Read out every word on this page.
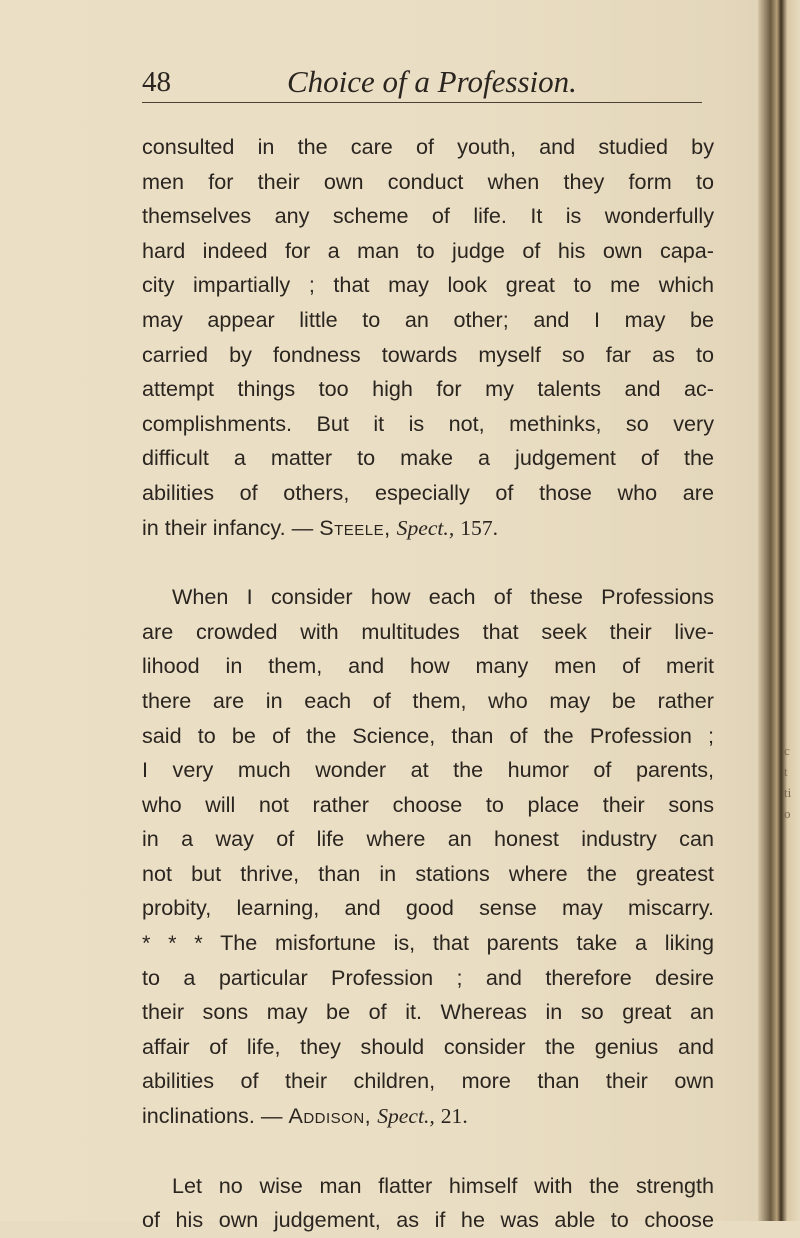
48	Choice of a Profession.
consulted in the care of youth, and studied by
men for their own conduct when they form to
themselves any scheme of life. It is wonderfully
hard indeed for a man to judge of his own capa-
city impartially ; that may look great to me which
may appear little to an other; and I may be
carried by fondness towards myself so far as to
attempt things too high for my talents and ac-
complishments. But it is not, methinks, so very
difficult a matter to make a judgement of the
abilities of others, especially of those who are
in their infancy. — Steele, Spect., 157.
When I consider how each of these Professions
are crowded with multitudes that seek their live-
lihood in them, and how many men of merit
there are in each of them, who may be rather
said to be of the Science, than of the Profession ;
I very much wonder at the humor of parents,
who will not rather choose to place their sons
in a way of life where an honest industry can
not but thrive, than in stations where the greatest
probity, learning, and good sense may miscarry.
* * * The misfortune is, that parents take a liking
to a particular Profession ; and therefore desire
their sons may be of it. Whereas in so great an
affair of life, they should consider the genius and
abilities of their children, more than their own
inclinations. — Addison, Spect., 21.
Let no wise man flatter himself with the strength
of his own judgement, as if he was able to choose
c
t
ti
o
